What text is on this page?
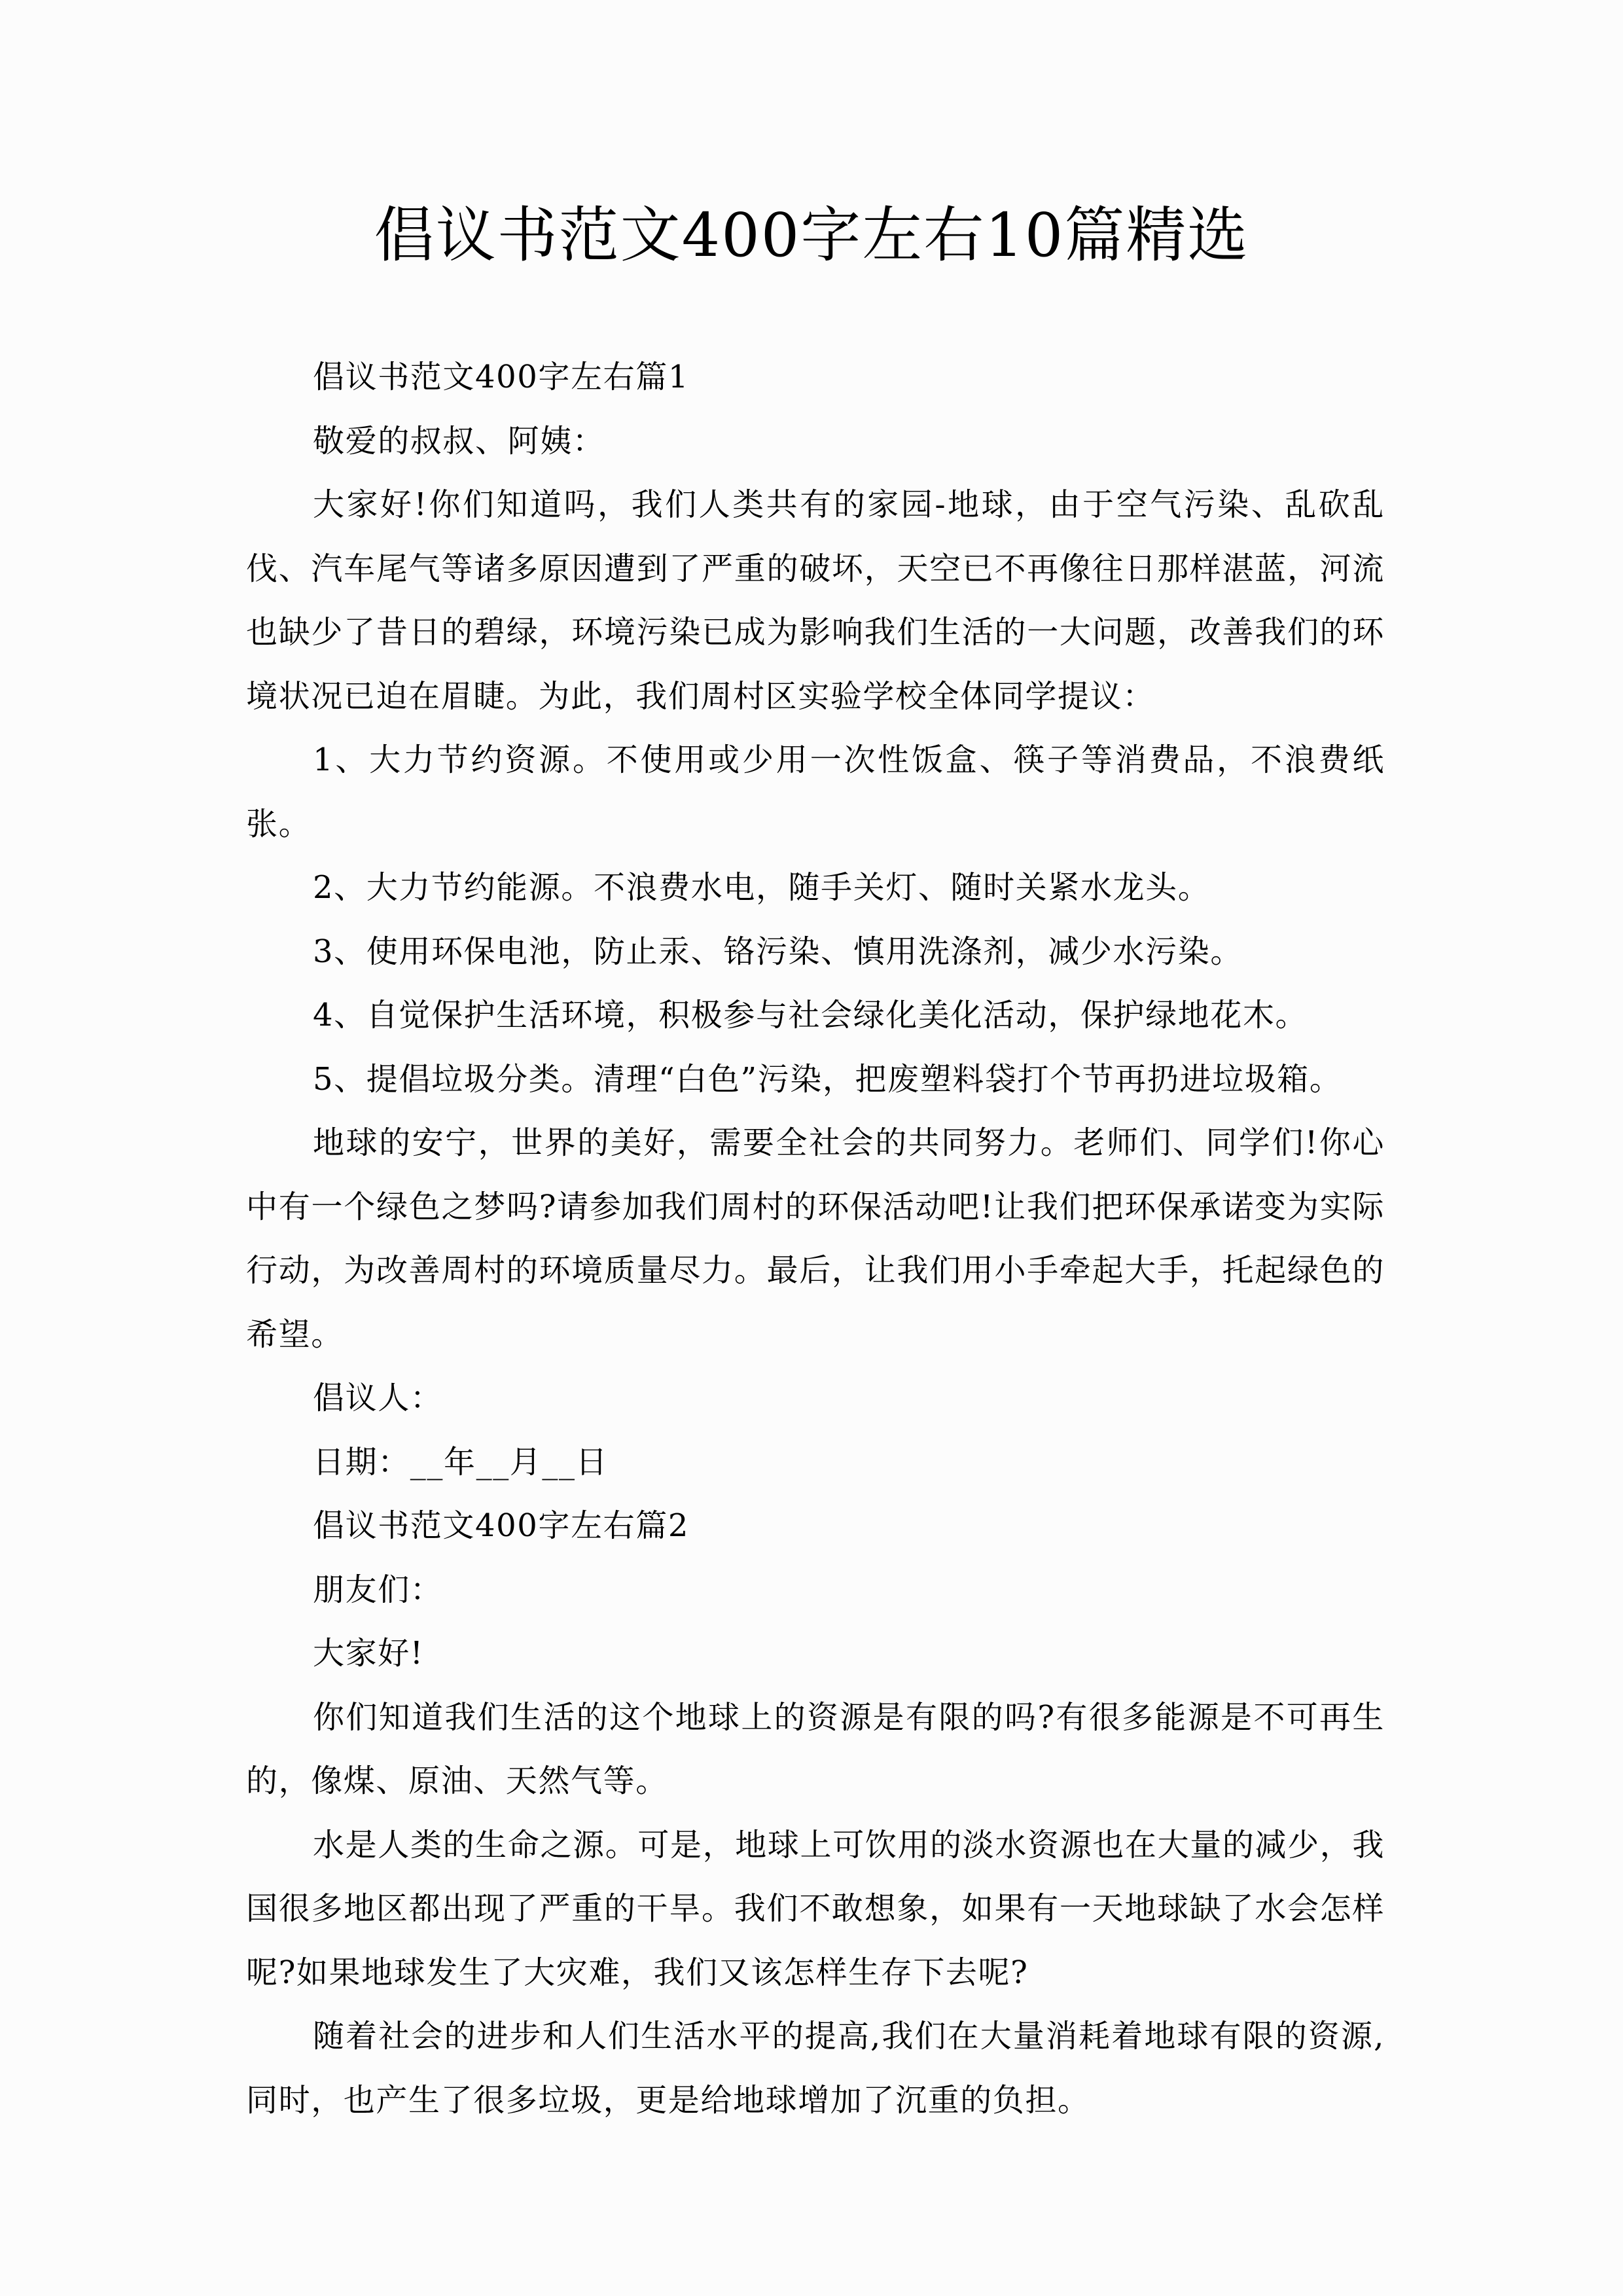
倡议书范文400字左右10篇精选

倡议书范文400字左右篇1

敬爱的叔叔、阿姨：

大家好!你们知道吗，我们人类共有的家园-地球，由于空气污染、乱砍乱伐、汽车尾气等诸多原因遭到了严重的破坏，天空已不再像往日那样湛蓝，河流也缺少了昔日的碧绿，环境污染已成为影响我们生活的一大问题，改善我们的环境状况已迫在眉睫。为此，我们周村区实验学校全体同学提议：

1、大力节约资源。不使用或少用一次性饭盒、筷子等消费品，不浪费纸张。

2、大力节约能源。不浪费水电，随手关灯、随时关紧水龙头。

3、使用环保电池，防止汞、铬污染、慎用洗涤剂，减少水污染。

4、自觉保护生活环境，积极参与社会绿化美化活动，保护绿地花木。

5、提倡垃圾分类。清理“白色”污染，把废塑料袋打个节再扔进垃圾箱。

地球的安宁，世界的美好，需要全社会的共同努力。老师们、同学们!你心中有一个绿色之梦吗?请参加我们周村的环保活动吧!让我们把环保承诺变为实际行动，为改善周村的环境质量尽力。最后，让我们用小手牵起大手，托起绿色的希望。

倡议人：

日期：__年__月__日

倡议书范文400字左右篇2

朋友们：

大家好!

你们知道我们生活的这个地球上的资源是有限的吗?有很多能源是不可再生的，像煤、原油、天然气等。

水是人类的生命之源。可是，地球上可饮用的淡水资源也在大量的减少，我国很多地区都出现了严重的干旱。我们不敢想象，如果有一天地球缺了水会怎样呢?如果地球发生了大灾难，我们又该怎样生存下去呢?

随着社会的进步和人们生活水平的提高,我们在大量消耗着地球有限的资源,同时，也产生了很多垃圾，更是给地球增加了沉重的负担。
